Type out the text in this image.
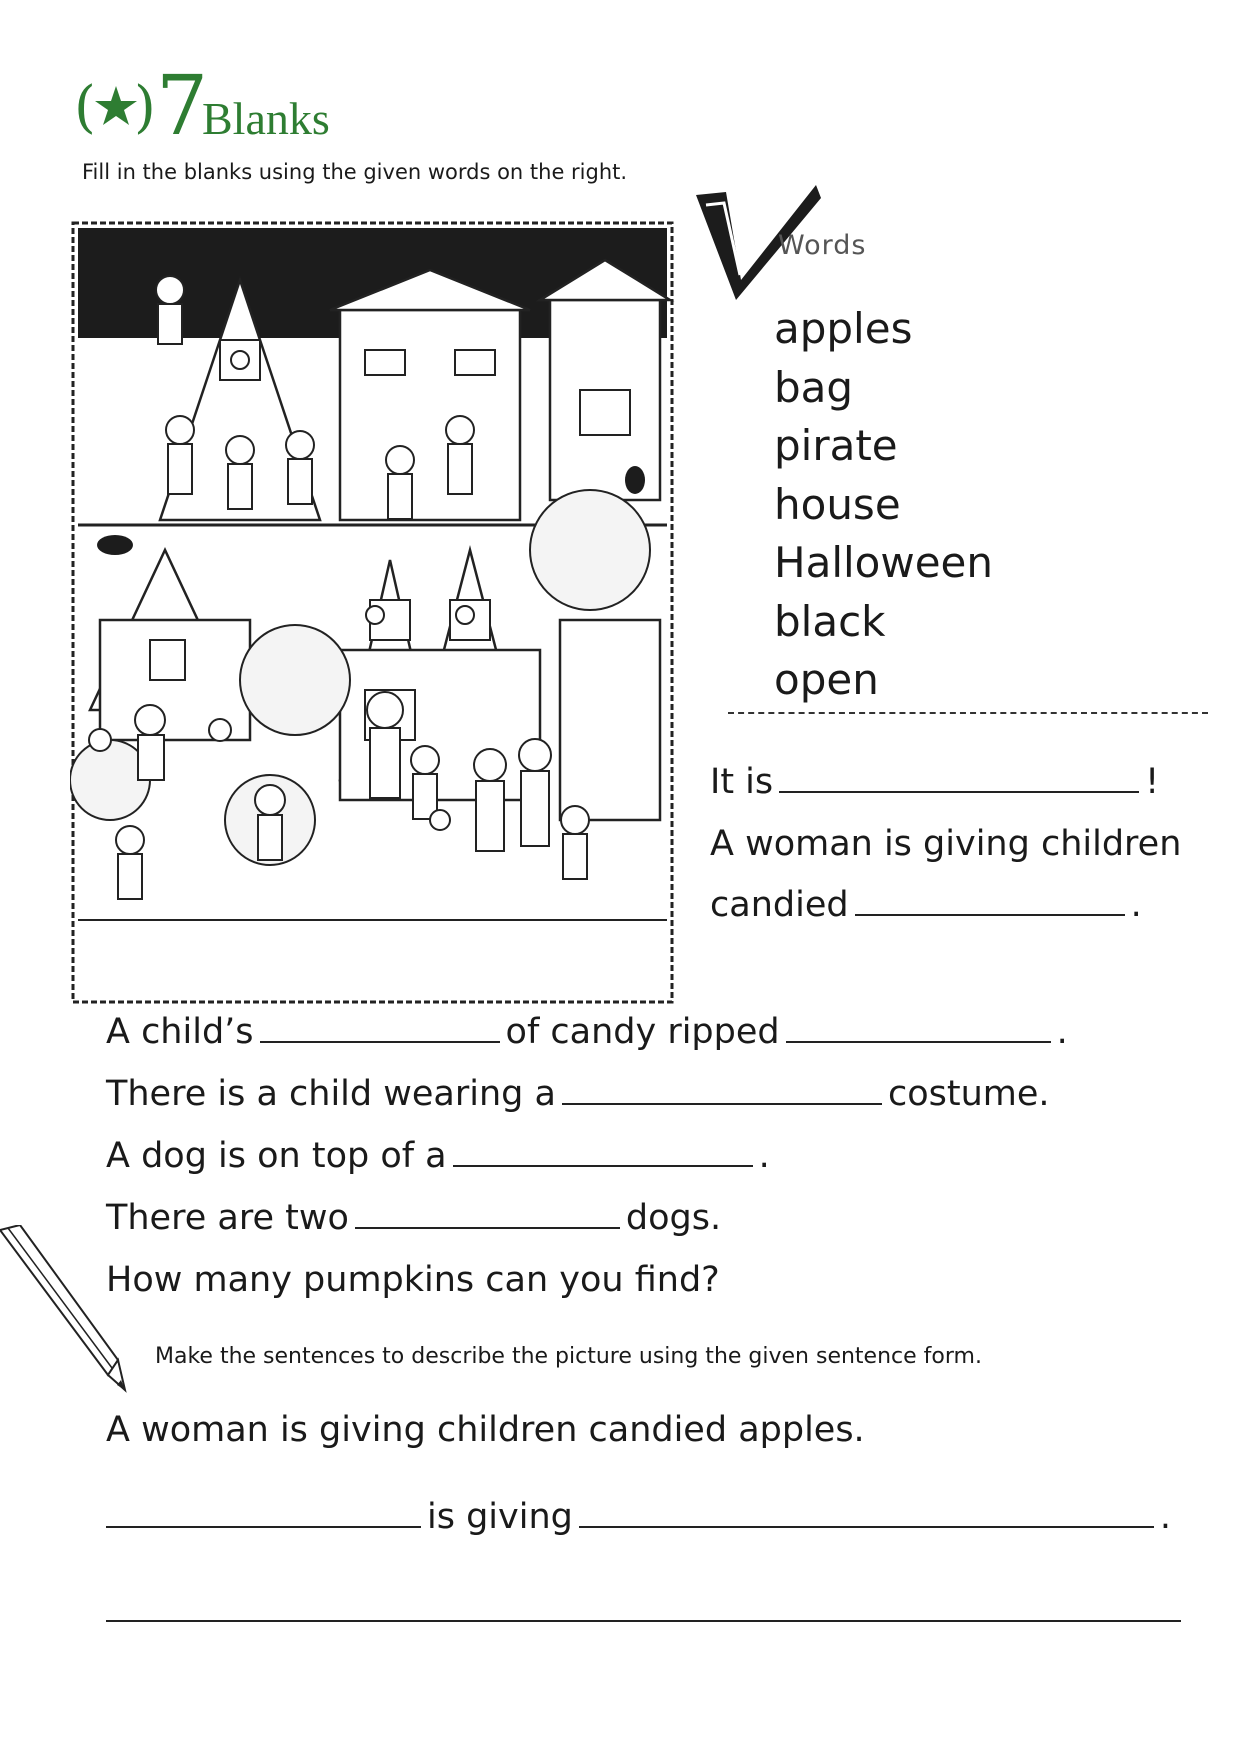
( ) 7
Blanks
Fill in the blanks using the given words on the right.
Words
apples
bag
pirate
house
Halloween
black
open
It is	!
A woman is giving children
candied	.
A child’s	of candy ripped	.
There is a child wearing a	costume.
A dog is on top of a	.
There are two	dogs.
How many pumpkins can you find?
Make the sentences to describe the picture using the given sentence form.
A woman is giving children candied apples.
is giving	.
